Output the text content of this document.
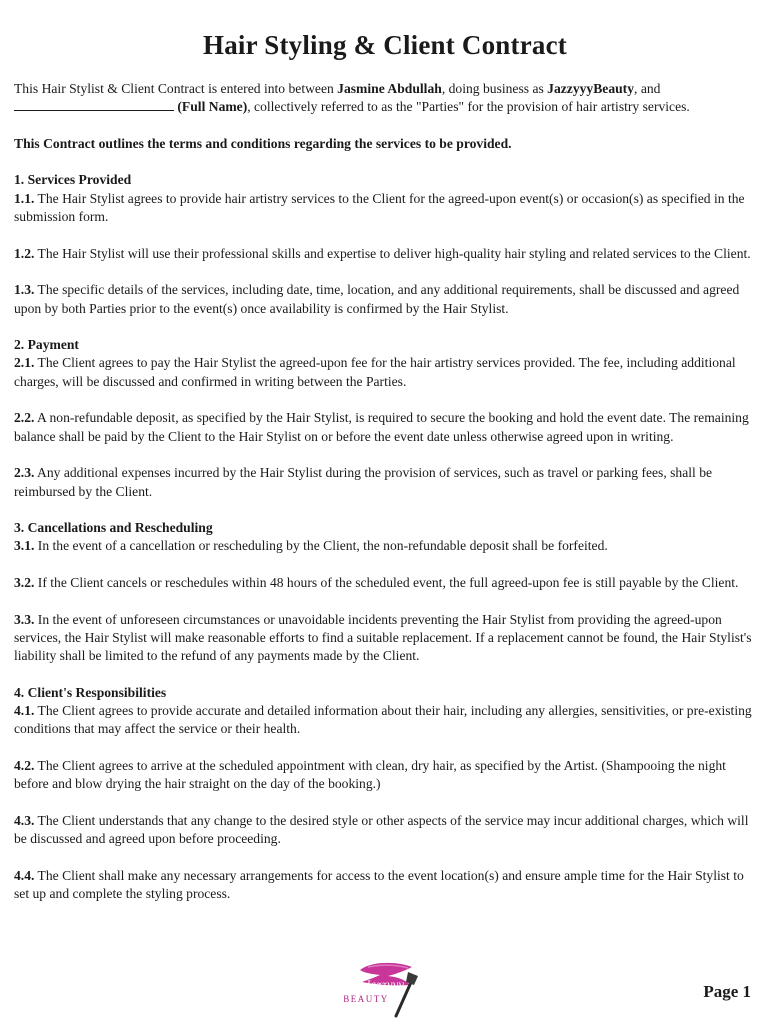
Hair Styling & Client Contract

This Hair Stylist & Client Contract is entered into between Jasmine Abdullah, doing business as JazzyyyBeauty, and
(Full Name), collectively referred to as the "Parties" for the provision of hair artistry services.

This Contract outlines the terms and conditions regarding the services to be provided.

1. Services Provided

1.1. The Hair Stylist agrees to provide hair artistry services to the Client for the agreed-upon event(s) or occasion(s) as specified in the submission form.

1.2. The Hair Stylist will use their professional skills and expertise to deliver high-quality hair styling and related services to the Client.

1.3. The specific details of the services, including date, time, location, and any additional requirements, shall be discussed and agreed upon by both Parties prior to the event(s) once availability is confirmed by the Hair Stylist.

2. Payment

2.1. The Client agrees to pay the Hair Stylist the agreed-upon fee for the hair artistry services provided. The fee, including additional charges, will be discussed and confirmed in writing between the Parties.

2.2. A non-refundable deposit, as specified by the Hair Stylist, is required to secure the booking and hold the event date. The remaining balance shall be paid by the Client to the Hair Stylist on or before the event date unless otherwise agreed upon in writing.

2.3. Any additional expenses incurred by the Hair Stylist during the provision of services, such as travel or parking fees, shall be reimbursed by the Client.

3. Cancellations and Rescheduling

3.1. In the event of a cancellation or rescheduling by the Client, the non-refundable deposit shall be forfeited.

3.2. If the Client cancels or reschedules within 48 hours of the scheduled event, the full agreed-upon fee is still payable by the Client.

3.3. In the event of unforeseen circumstances or unavoidable incidents preventing the Hair Stylist from providing the agreed-upon services, the Hair Stylist will make reasonable efforts to find a suitable replacement. If a replacement cannot be found, the Hair Stylist's liability shall be limited to the refund of any payments made by the Client.

4. Client's Responsibilities

4.1. The Client agrees to provide accurate and detailed information about their hair, including any allergies, sensitivities, or pre-existing conditions that may affect the service or their health.

4.2. The Client agrees to arrive at the scheduled appointment with clean, dry hair, as specified by the Artist. (Shampooing the night before and blow drying the hair straight on the day of the booking.)

4.3. The Client understands that any change to the desired style or other aspects of the service may incur additional charges, which will be discussed and agreed upon before proceeding.

4.4. The Client shall make any necessary arrangements for access to the event location(s) and ensure ample time for the Hair Stylist to set up and complete the styling process.

Jazzyyy
BEAUTY	Page 1
